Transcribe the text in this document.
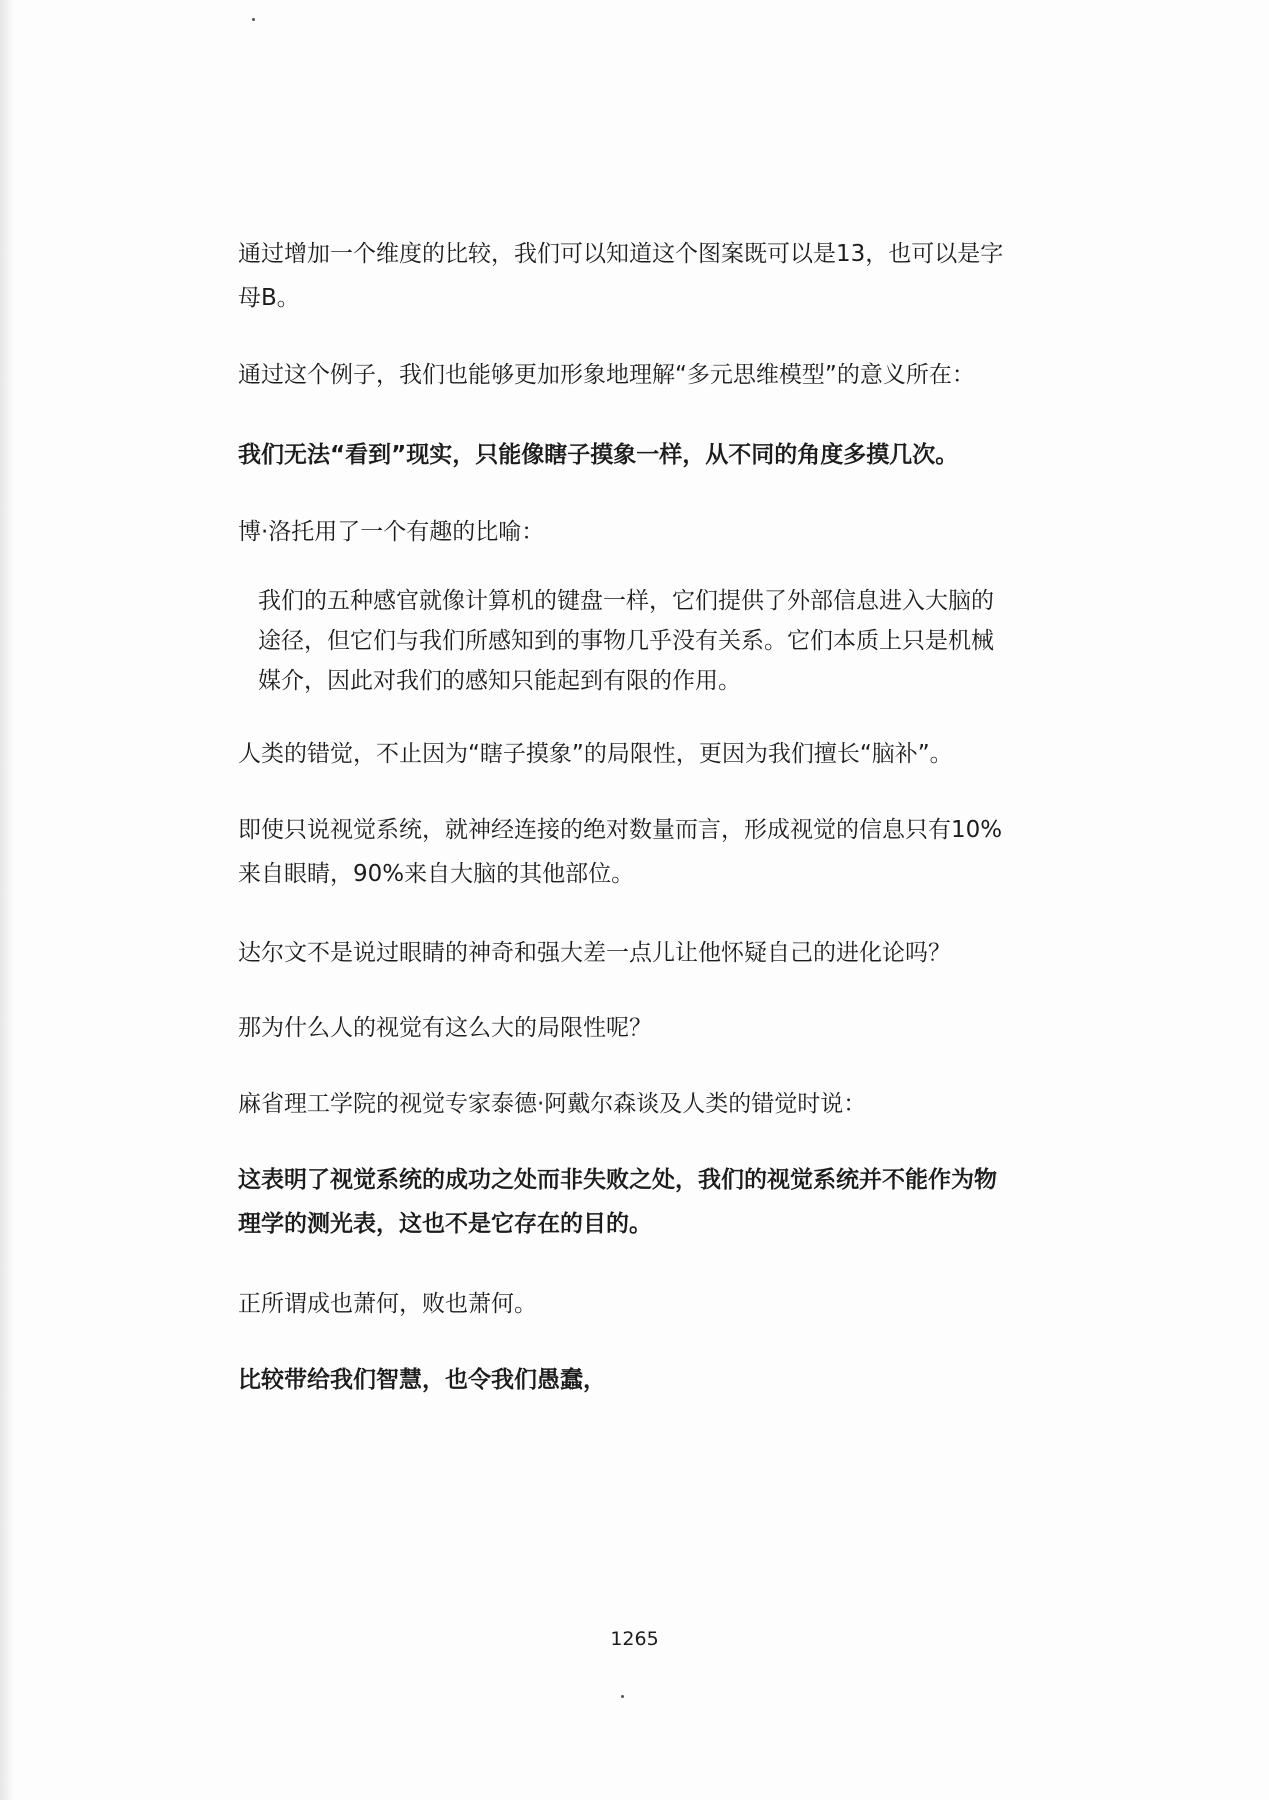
通过增加一个维度的比较，我们可以知道这个图案既可以是13，也可以是字
母B。

通过这个例子，我们也能够更加形象地理解“多元思维模型”的意义所在：

我们无法“看到”现实，只能像瞎子摸象一样，从不同的角度多摸几次。

博·洛托用了一个有趣的比喻：

我们的五种感官就像计算机的键盘一样，它们提供了外部信息进入大脑的
途径，但它们与我们所感知到的事物几乎没有关系。它们本质上只是机械
媒介，因此对我们的感知只能起到有限的作用。

人类的错觉，不止因为“瞎子摸象”的局限性，更因为我们擅长“脑补”。

即使只说视觉系统，就神经连接的绝对数量而言，形成视觉的信息只有10%
来自眼睛，90%来自大脑的其他部位。

达尔文不是说过眼睛的神奇和强大差一点儿让他怀疑自己的进化论吗？

那为什么人的视觉有这么大的局限性呢？

麻省理工学院的视觉专家泰德·阿戴尔森谈及人类的错觉时说：

这表明了视觉系统的成功之处而非失败之处，我们的视觉系统并不能作为物
理学的测光表，这也不是它存在的目的。

正所谓成也萧何，败也萧何。

比较带给我们智慧，也令我们愚蠢，

1265
